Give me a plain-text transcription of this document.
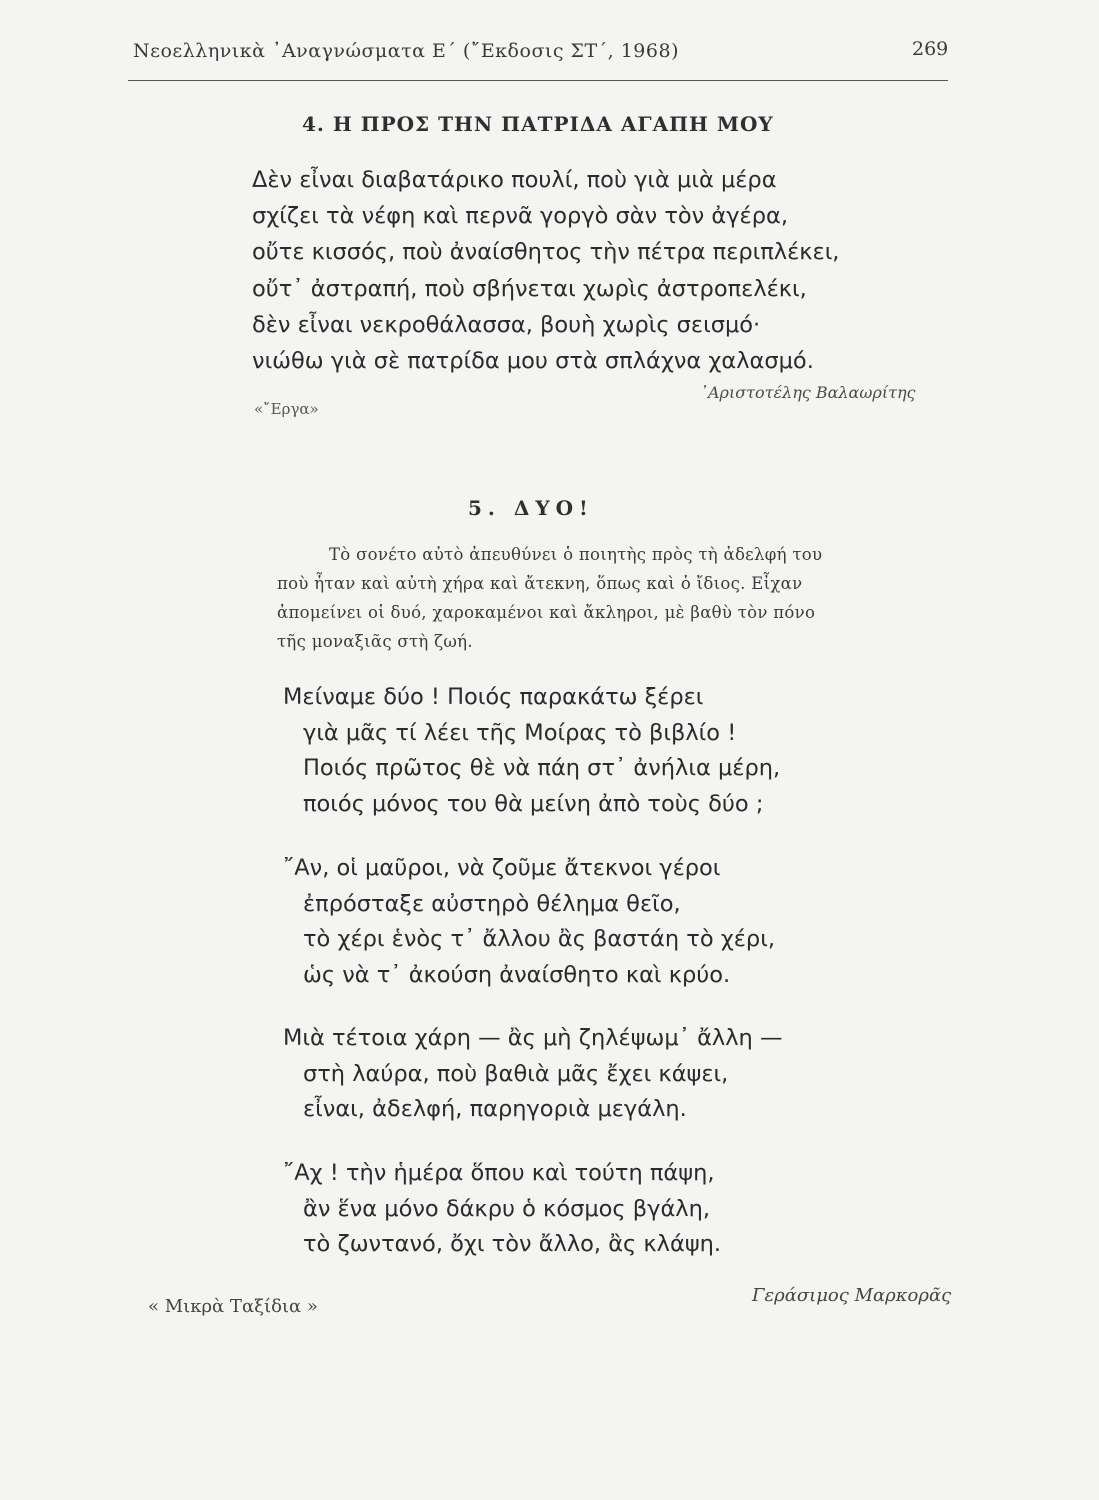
Νεοελληνικὰ ᾿Αναγνώσματα Ε΄ (῎Εκδοσις ΣΤ΄, 1968)	269
4. Η ΠΡΟΣ ΤΗΝ ΠΑΤΡΙΔΑ ΑΓΑΠΗ ΜΟΥ
Δὲν εἶναι διαβατάρικο πουλί, ποὺ γιὰ μιὰ μέρα
σχίζει τὰ νέφη καὶ περνᾶ γοργὸ σὰν τὸν ἀγέρα,
οὔτε κισσός, ποὺ ἀναίσθητος τὴν πέτρα περιπλέκει,
οὔτ᾿ ἀστραπή, ποὺ σβήνεται χωρὶς ἀστροπελέκι,
δὲν εἶναι νεκροθάλασσα, βουὴ χωρὶς σεισμό·
νιώθω γιὰ σὲ πατρίδα μου στὰ σπλάχνα χαλασμό.
«῎Εργα»
᾿Αριστοτέλης Βαλαωρίτης
5. ΔΥΟ!
Τὸ σονέτο αὐτὸ ἀπευθύνει ὁ ποιητὴς πρὸς τὴ ἀδελφή του
ποὺ ἦταν καὶ αὐτὴ χήρα καὶ ἄτεκνη, ὅπως καὶ ὁ ἴδιος. Εἶχαν
ἀπομείνει οἱ δυό, χαροκαμένοι καὶ ἄκληροι, μὲ βαθὺ τὸν πόνο
τῆς μοναξιᾶς στὴ ζωή.
Μείναμε δύο ! Ποιός παρακάτω ξέρει
γιὰ μᾶς τί λέει τῆς Μοίρας τὸ βιβλίο !
Ποιός πρῶτος θὲ νὰ πάη στ᾿ ἀνήλια μέρη,
ποιός μόνος του θὰ μείνη ἀπὸ τοὺς δύο ;
῎Αν, οἱ μαῦροι, νὰ ζοῦμε ἄτεκνοι γέροι
ἐπρόσταξε αὐστηρὸ θέλημα θεῖο,
τὸ χέρι ἑνὸς τ᾿ ἄλλου ἂς βαστάη τὸ χέρι,
ὡς νὰ τ᾿ ἀκούση ἀναίσθητο καὶ κρύο.
Μιὰ τέτοια χάρη — ἂς μὴ ζηλέψωμ᾿ ἄλλη —
στὴ λαύρα, ποὺ βαθιὰ μᾶς ἔχει κάψει,
εἶναι, ἀδελφή, παρηγοριὰ μεγάλη.
῎Αχ ! τὴν ἡμέρα ὅπου καὶ τούτη πάψη,
ἂν ἕνα μόνο δάκρυ ὁ κόσμος βγάλη,
τὸ ζωντανό, ὄχι τὸν ἄλλο, ἂς κλάψη.
« Μικρὰ Ταξίδια »
Γεράσιμος Μαρκορᾶς
